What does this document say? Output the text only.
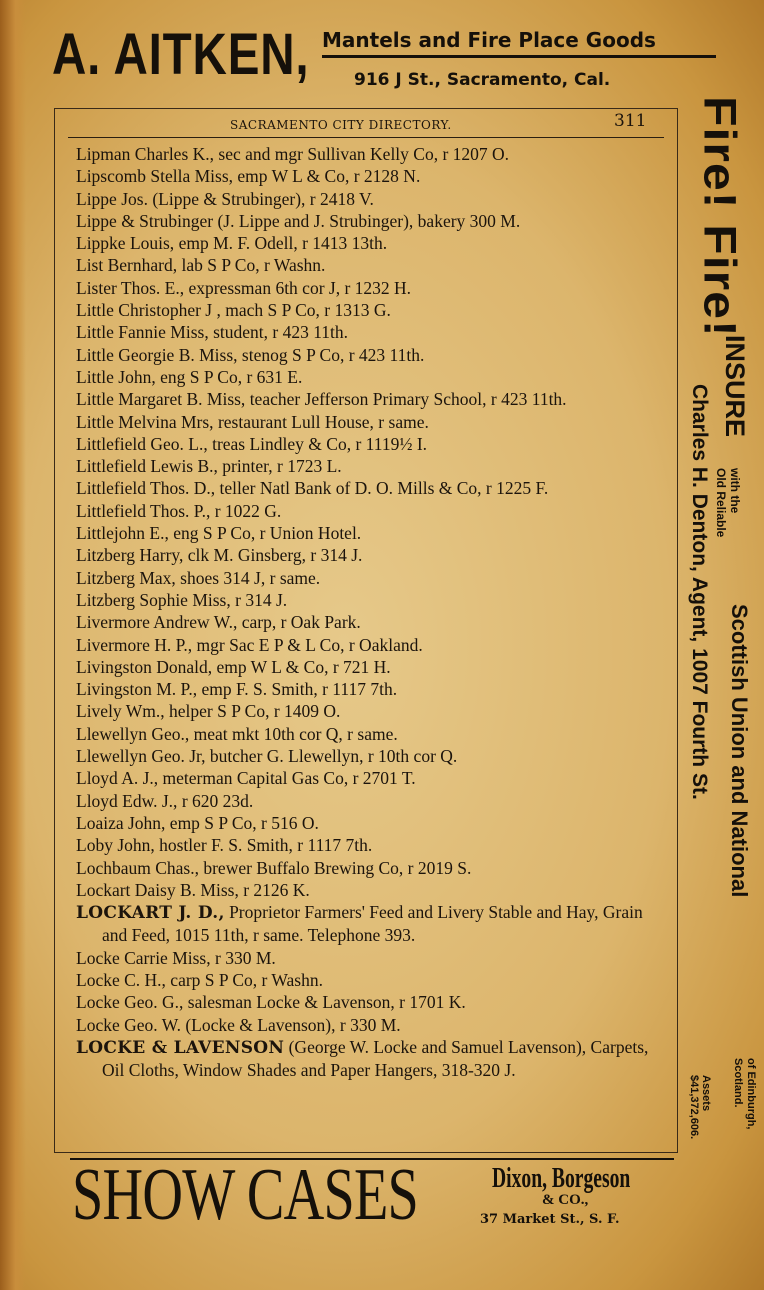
A. AITKEN, Mantels and Fire Place Goods

916 J St., Sacramento, Cal.

SACRAMENTO CITY DIRECTORY.	311

Lipman Charles K., sec and mgr Sullivan Kelly Co, r 1207 O.

Lipscomb Stella Miss, emp W L & Co, r 2128 N.

Lippe Jos. (Lippe & Strubinger), r 2418 V.

Lippe & Strubinger (J. Lippe and J. Strubinger), bakery 300 M.

Lippke Louis, emp M. F. Odell, r 1413 13th.

List Bernhard, lab S P Co, r Washn.

Lister Thos. E., expressman 6th cor J, r 1232 H.

Little Christopher J , mach S P Co, r 1313 G.

Little Fannie Miss, student, r 423 11th.

Little Georgie B. Miss, stenog S P Co, r 423 11th.

Little John, eng S P Co, r 631 E.

Little Margaret B. Miss, teacher Jefferson Primary School, r 423 11th.

Little Melvina Mrs, restaurant Lull House, r same.

Littlefield Geo. L., treas Lindley & Co, r 1119½ I.

Littlefield Lewis B., printer, r 1723 L.

Littlefield Thos. D., teller Natl Bank of D. O. Mills & Co, r 1225 F.

Littlefield Thos. P., r 1022 G.

Littlejohn E., eng S P Co, r Union Hotel.

Litzberg Harry, clk M. Ginsberg, r 314 J.

Litzberg Max, shoes 314 J, r same.

Litzberg Sophie Miss, r 314 J.

Livermore Andrew W., carp, r Oak Park.

Livermore H. P., mgr Sac E P & L Co, r Oakland.

Livingston Donald, emp W L & Co, r 721 H.

Livingston M. P., emp F. S. Smith, r 1117 7th.

Lively Wm., helper S P Co, r 1409 O.

Llewellyn Geo., meat mkt 10th cor Q, r same.

Llewellyn Geo. Jr, butcher G. Llewellyn, r 10th cor Q.

Lloyd A. J., meterman Capital Gas Co, r 2701 T.

Lloyd Edw. J., r 620 23d.

Loaiza John, emp S P Co, r 516 O.

Loby John, hostler F. S. Smith, r 1117 7th.

Lochbaum Chas., brewer Buffalo Brewing Co, r 2019 S.

Lockart Daisy B. Miss, r 2126 K.

LOCKART J. D., Proprietor Farmers' Feed and Livery Stable and Hay, Grain and Feed, 1015 11th, r same. Telephone 393.

Locke Carrie Miss, r 330 M.

Locke C. H., carp S P Co, r Washn.

Locke Geo. G., salesman Locke & Lavenson, r 1701 K.

Locke Geo. W. (Locke & Lavenson), r 330 M.

LOCKE & LAVENSON (George W. Locke and Samuel Lavenson), Carpets, Oil Cloths, Window Shades and Paper Hangers, 318-320 J.

Fire! Fire!
INSURE
Charles H. Denton, Agent, 1007 Fourth St.	with the
Old Reliable
Scottish Union and National
of Edinburgh,
Scotland.
Assets
$41,372,606.

SHOW CASES	Dixon, Borgeson

& CO.,

37 Market St., S. F.
